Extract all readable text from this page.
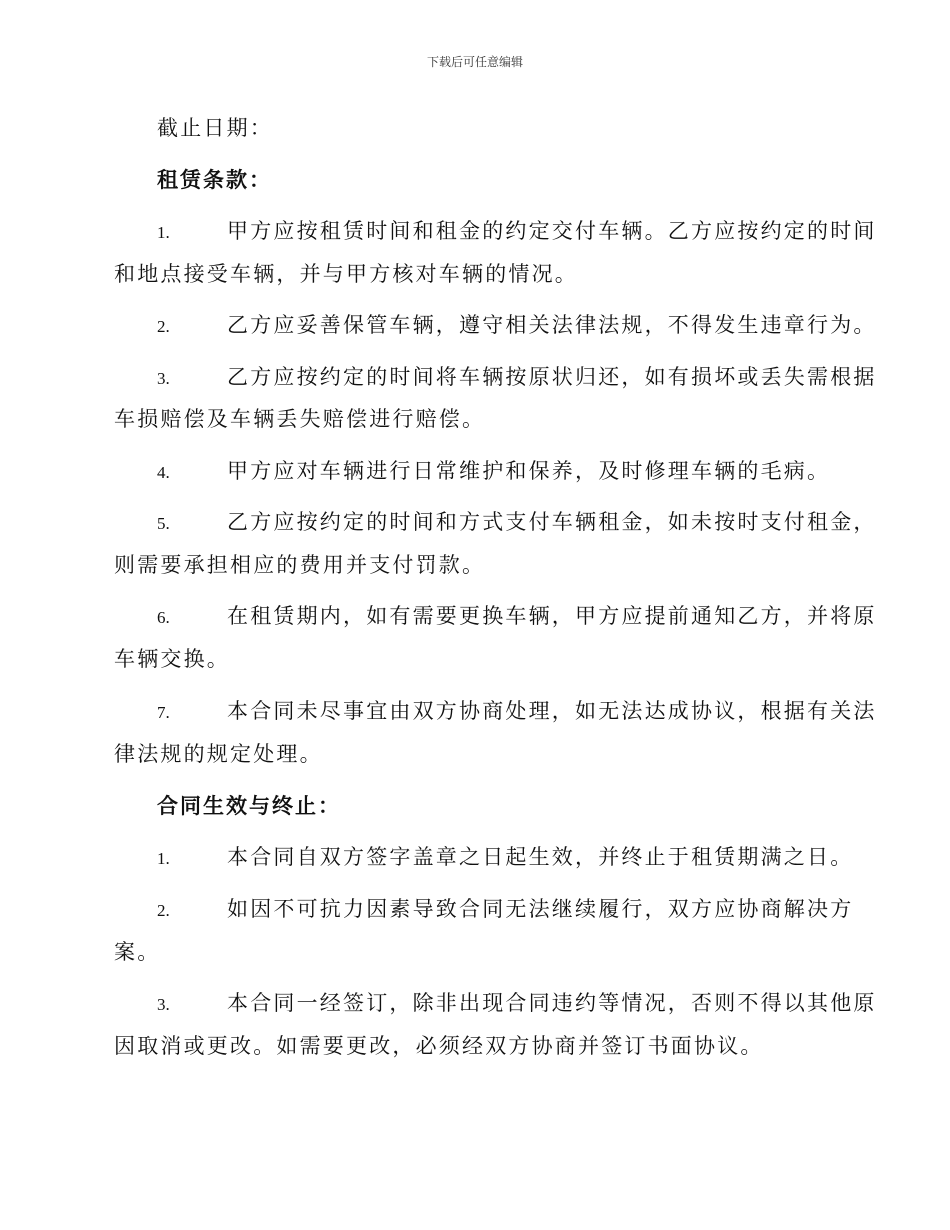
下载后可任意编辑
截止日期：
租赁条款：
1.	甲方应按租赁时间和租金的约定交付车辆。乙方应按约定的时间
和地点接受车辆，并与甲方核对车辆的情况。
2.	乙方应妥善保管车辆，遵守相关法律法规，不得发生违章行为。
3.	乙方应按约定的时间将车辆按原状归还，如有损坏或丢失需根据
车损赔偿及车辆丢失赔偿进行赔偿。
4.	甲方应对车辆进行日常维护和保养，及时修理车辆的毛病。
5.	乙方应按约定的时间和方式支付车辆租金，如未按时支付租金，
则需要承担相应的费用并支付罚款。
6.	在租赁期内，如有需要更换车辆，甲方应提前通知乙方，并将原
车辆交换。
7.	本合同未尽事宜由双方协商处理，如无法达成协议，根据有关法
律法规的规定处理。
合同生效与终止：
1.	本合同自双方签字盖章之日起生效，并终止于租赁期满之日。
2.	如因不可抗力因素导致合同无法继续履行，双方应协商解决方
案。
3.	本合同一经签订，除非出现合同违约等情况，否则不得以其他原
因取消或更改。如需要更改，必须经双方协商并签订书面协议。
